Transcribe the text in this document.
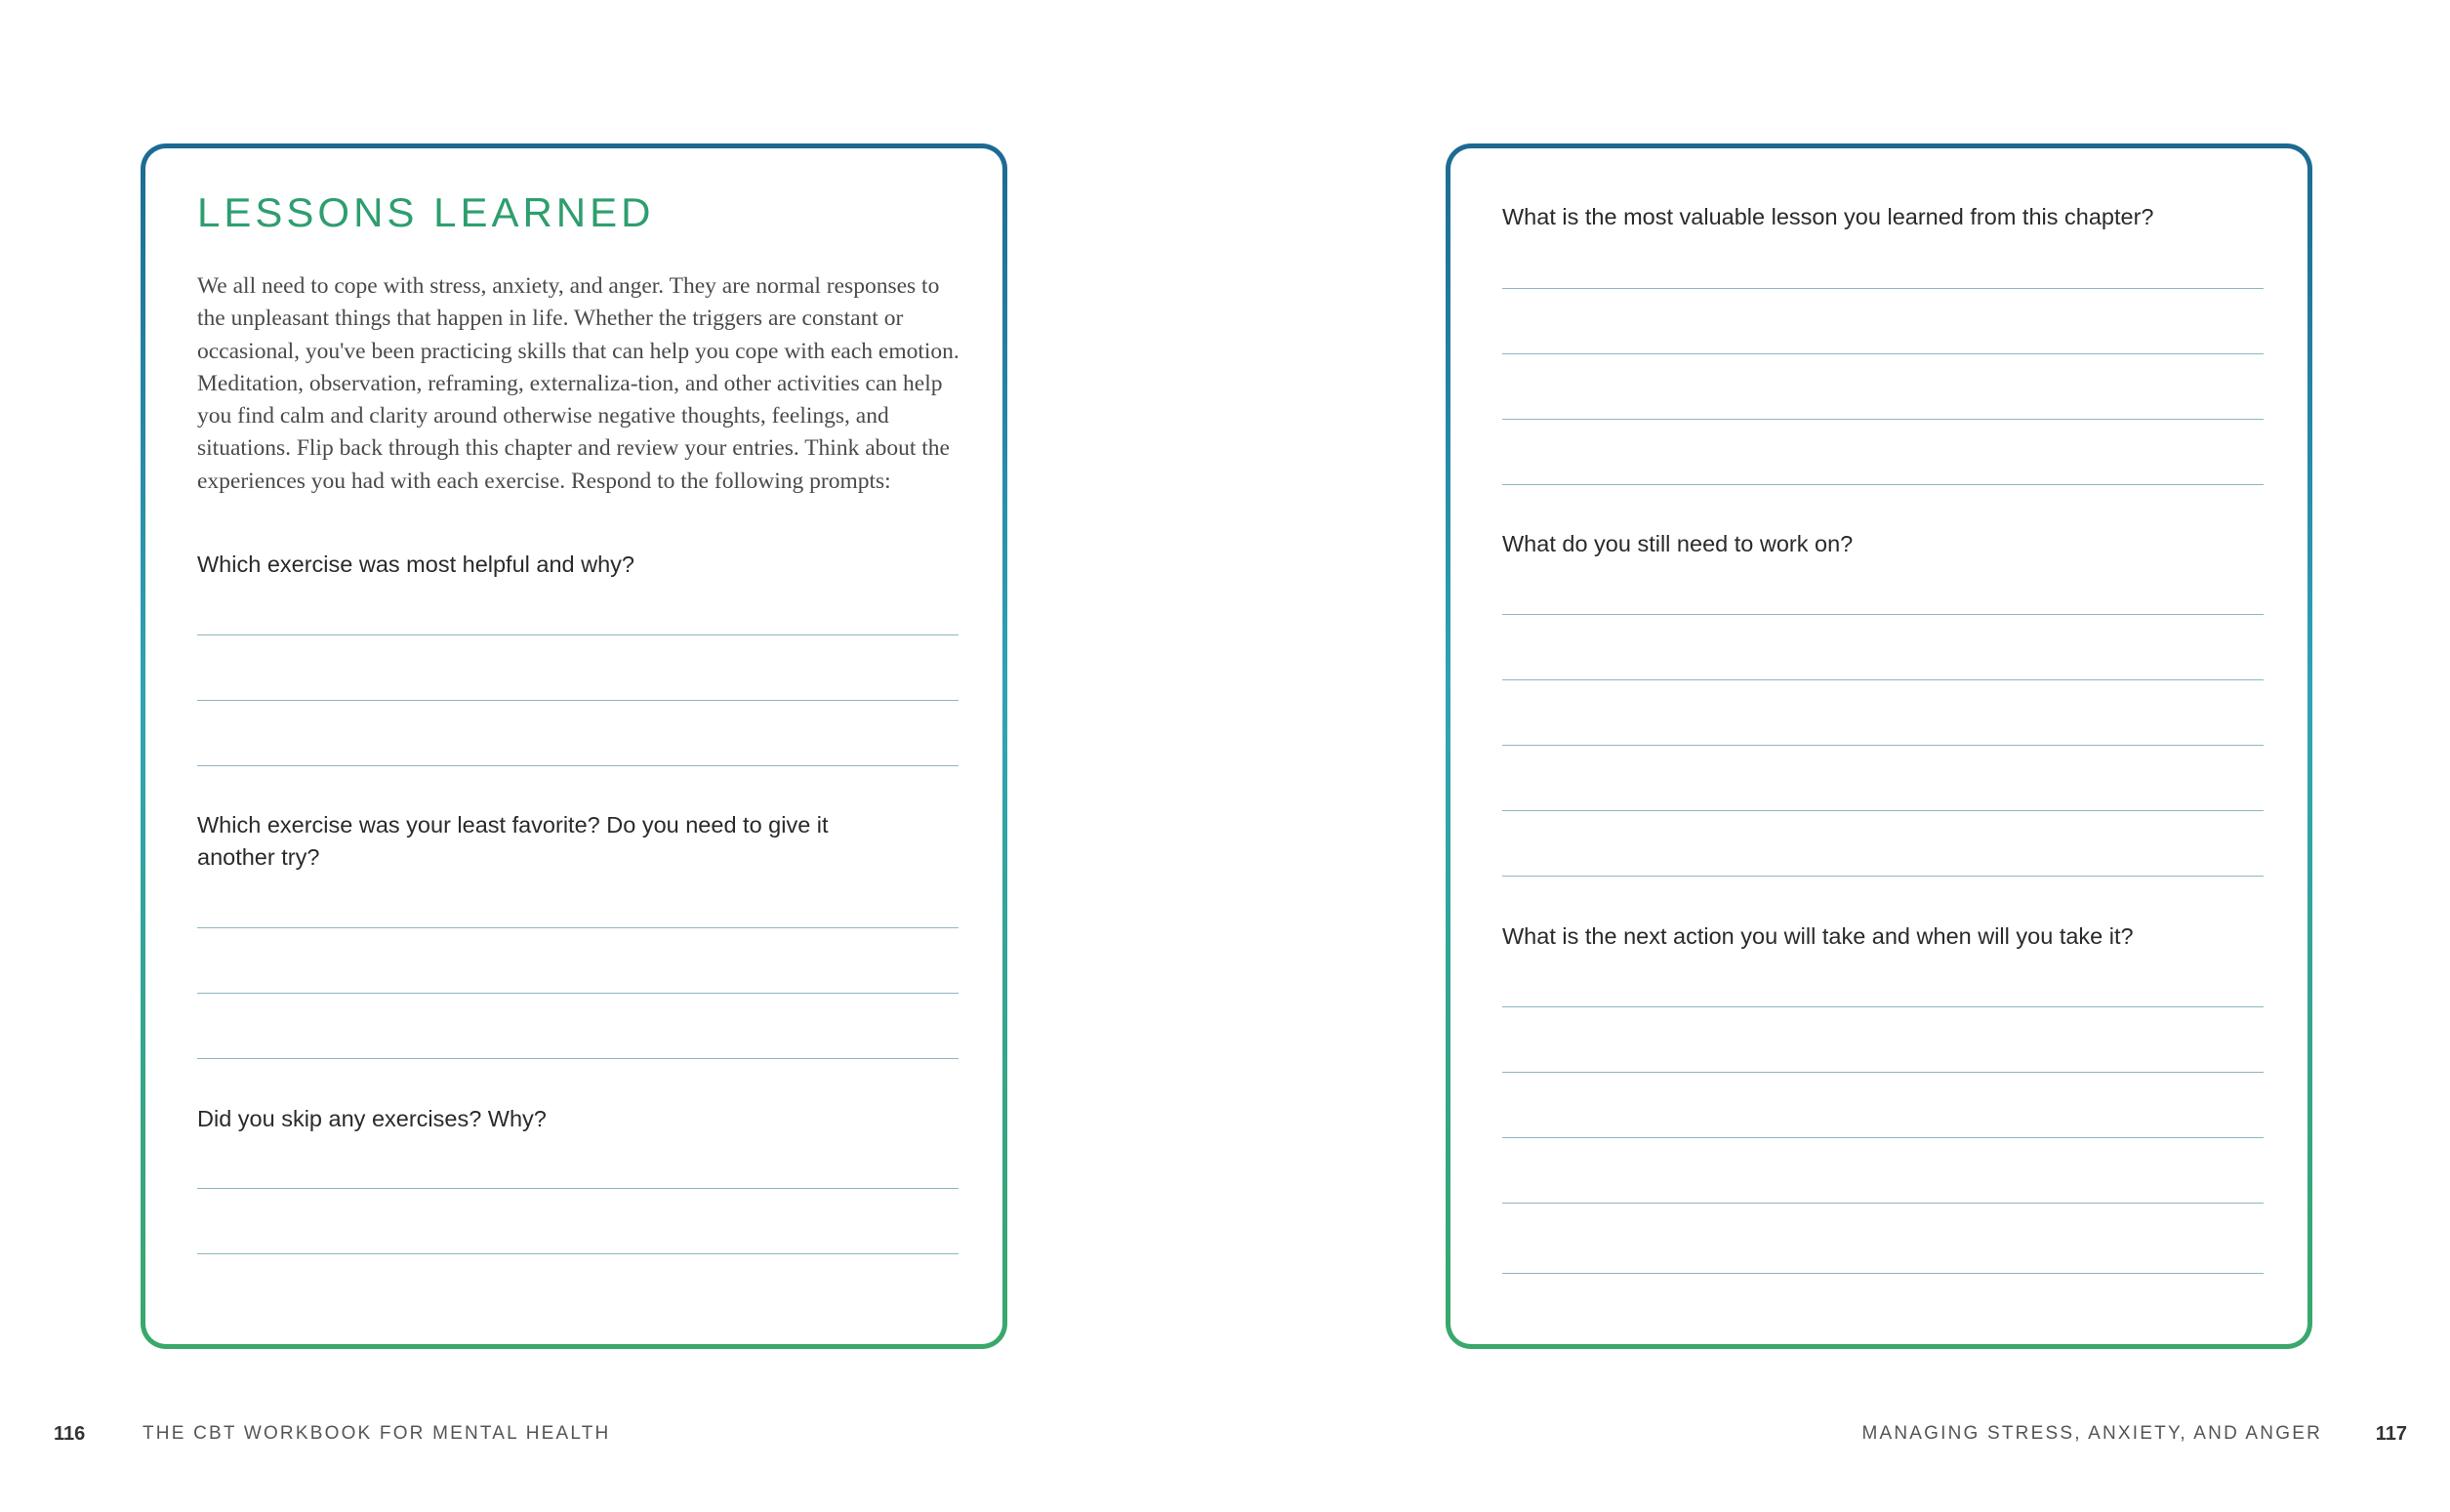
LESSONS LEARNED

We all need to cope with stress, anxiety, and anger. They are normal responses to the unpleasant things that happen in life. Whether the triggers are constant or occasional, you've been practicing skills that can help you cope with each emotion. Meditation, observation, reframing, externaliza-tion, and other activities can help you find calm and clarity around otherwise negative thoughts, feelings, and situations. Flip back through this chapter and review your entries. Think about the experiences you had with each exercise. Respond to the following prompts:

Which exercise was most helpful and why?

Which exercise was your least favorite? Do you need to give it another try?

Did you skip any exercises? Why?

What is the most valuable lesson you learned from this chapter?

What do you still need to work on?

What is the next action you will take and when will you take it?

116	THE CBT WORKBOOK FOR MENTAL HEALTH	MANAGING STRESS, ANXIETY, AND ANGER	117
